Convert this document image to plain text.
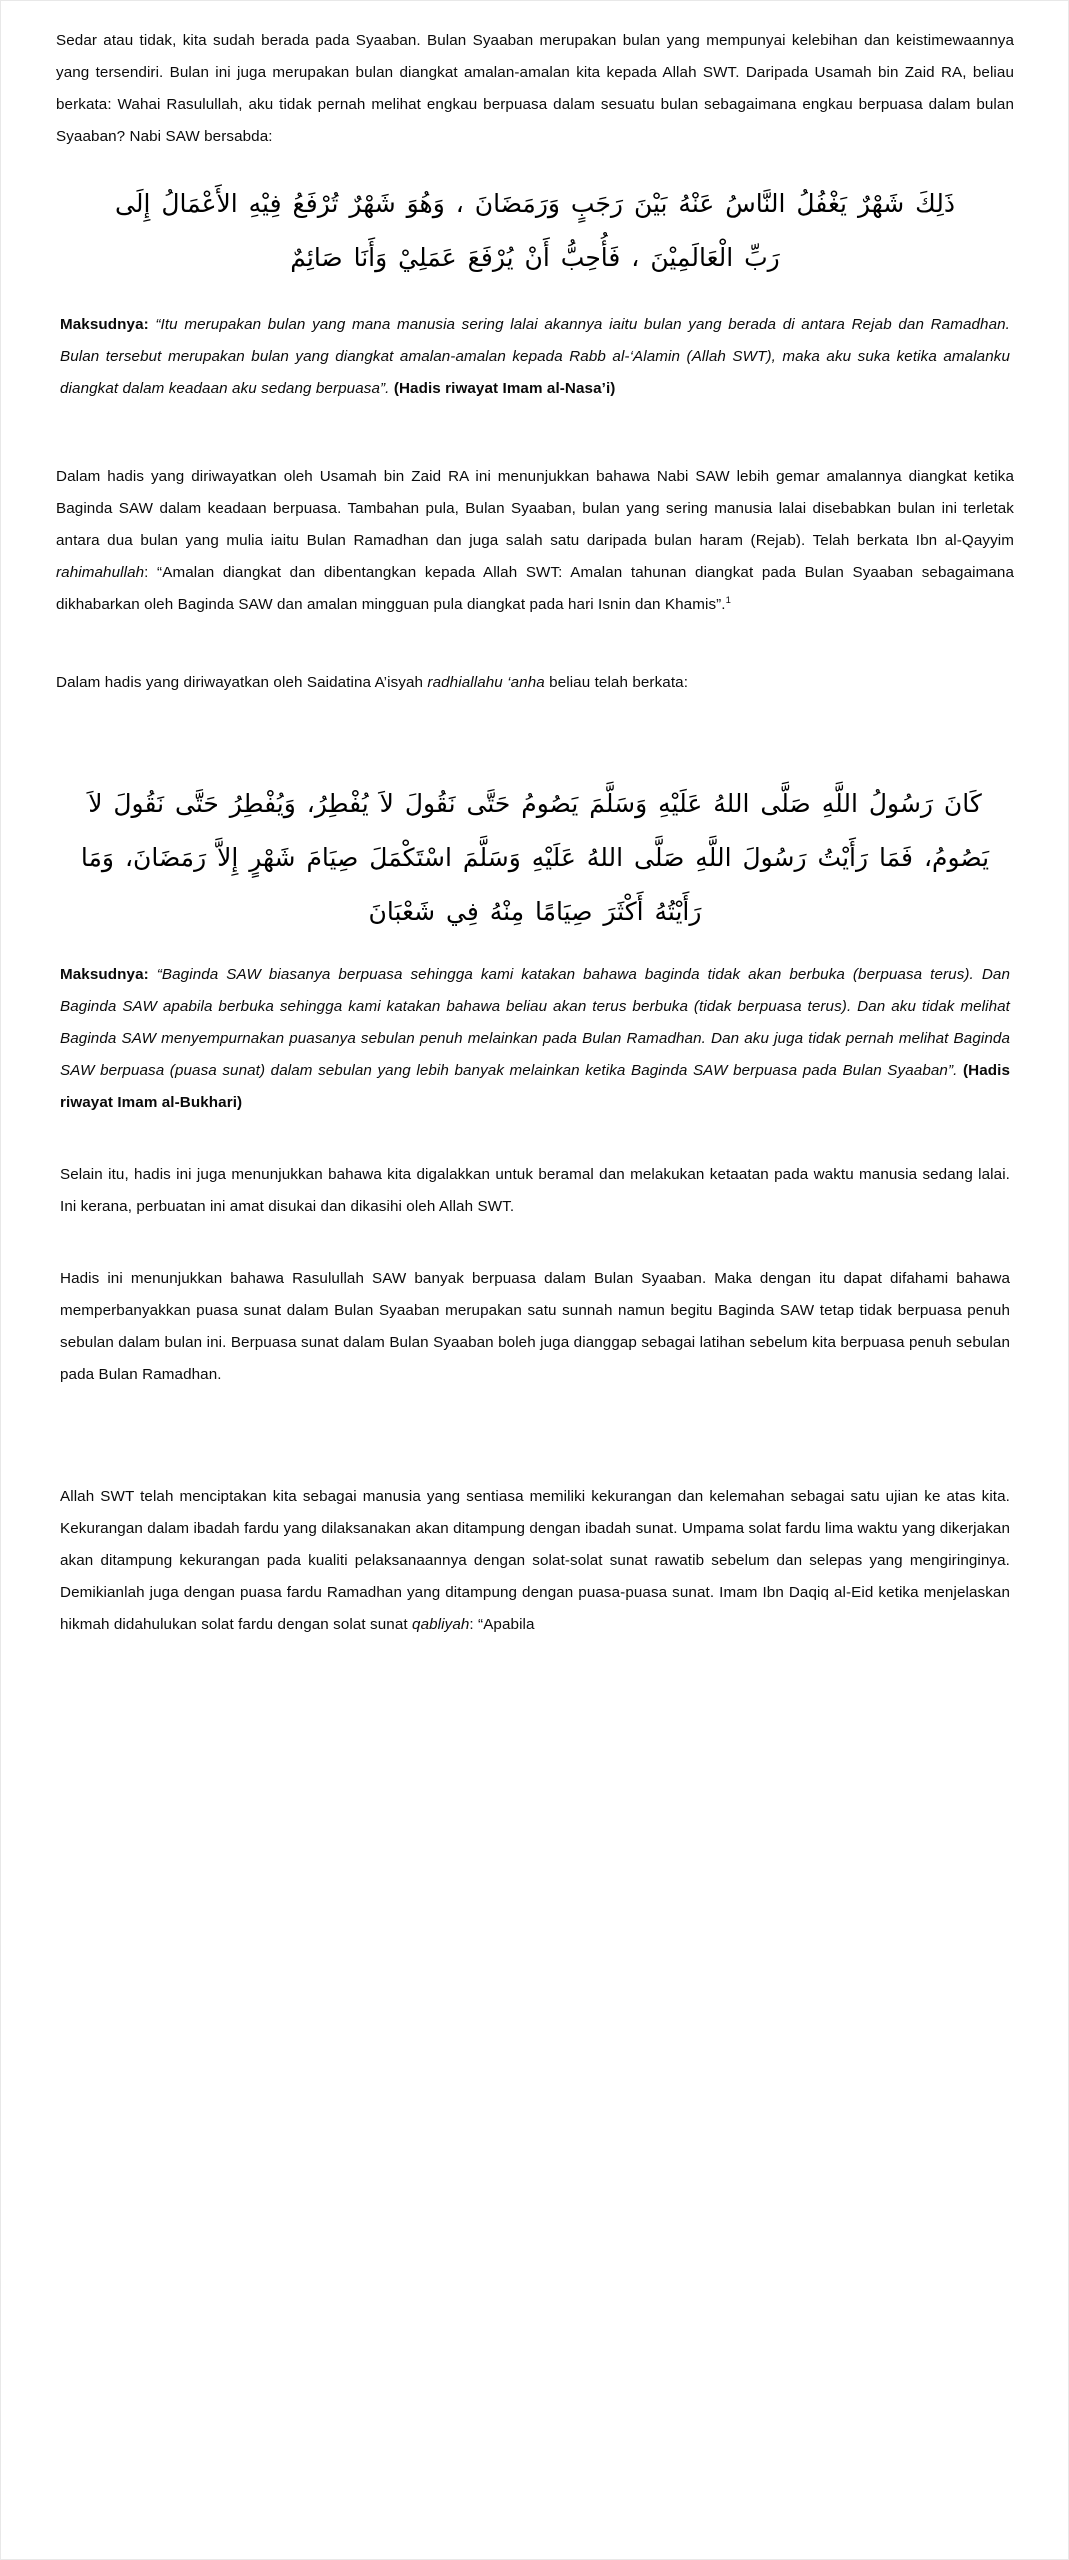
Sedar atau tidak, kita sudah berada pada Syaaban. Bulan Syaaban merupakan bulan yang mempunyai kelebihan dan keistimewaannya yang tersendiri. Bulan ini juga merupakan bulan diangkat amalan-amalan kita kepada Allah SWT. Daripada Usamah bin Zaid RA, beliau berkata: Wahai Rasulullah, aku tidak pernah melihat engkau berpuasa dalam sesuatu bulan sebagaimana engkau berpuasa dalam bulan Syaaban? Nabi SAW bersabda:

ذَلِكَ شَهْرٌ يَغْفُلُ النَّاسُ عَنْهُ بَيْنَ رَجَبٍ وَرَمَضَانَ ، وَهُوَ شَهْرٌ تُرْفَعُ فِيْهِ الأَعْمَالُ إِلَى

رَبِّ الْعَالَمِيْنَ ، فَأُحِبُّ أَنْ يُرْفَعَ عَمَلِيْ وَأَنَا صَائِمٌ

Maksudnya: “Itu merupakan bulan yang mana manusia sering lalai akannya iaitu bulan yang berada di antara Rejab dan Ramadhan. Bulan tersebut merupakan bulan yang diangkat amalan-amalan kepada Rabb al-‘Alamin (Allah SWT), maka aku suka ketika amalanku diangkat dalam keadaan aku sedang berpuasa”. (Hadis riwayat Imam al-Nasa’i)

Dalam hadis yang diriwayatkan oleh Usamah bin Zaid RA ini menunjukkan bahawa Nabi SAW lebih gemar amalannya diangkat ketika Baginda SAW dalam keadaan berpuasa. Tambahan pula, Bulan Syaaban, bulan yang sering manusia lalai disebabkan bulan ini terletak antara dua bulan yang mulia iaitu Bulan Ramadhan dan juga salah satu daripada bulan haram (Rejab). Telah berkata Ibn al-Qayyim rahimahullah: “Amalan diangkat dan dibentangkan kepada Allah SWT: Amalan tahunan diangkat pada Bulan Syaaban sebagaimana dikhabarkan oleh Baginda SAW dan amalan mingguan pula diangkat pada hari Isnin dan Khamis”.$^1$

Dalam hadis yang diriwayatkan oleh Saidatina A’isyah radhiallahu ‘anha beliau telah berkata:

كَانَ رَسُولُ اللَّهِ صَلَّى اللهُ عَلَيْهِ وَسَلَّمَ يَصُومُ حَتَّى نَقُولَ لاَ يُفْطِرُ، وَيُفْطِرُ حَتَّى نَقُولَ لاَ

يَصُومُ، فَمَا رَأَيْتُ رَسُولَ اللَّهِ صَلَّى اللهُ عَلَيْهِ وَسَلَّمَ اسْتَكْمَلَ صِيَامَ شَهْرٍ إِلاَّ رَمَضَانَ، وَمَا

رَأَيْتُهُ أَكْثَرَ صِيَامًا مِنْهُ فِي شَعْبَانَ

Maksudnya: “Baginda SAW biasanya berpuasa sehingga kami katakan bahawa baginda tidak akan berbuka (berpuasa terus). Dan Baginda SAW apabila berbuka sehingga kami katakan bahawa beliau akan terus berbuka (tidak berpuasa terus). Dan aku tidak melihat Baginda SAW menyempurnakan puasanya sebulan penuh melainkan pada Bulan Ramadhan. Dan aku juga tidak pernah melihat Baginda SAW berpuasa (puasa sunat) dalam sebulan yang lebih banyak melainkan ketika Baginda SAW berpuasa pada Bulan Syaaban”. (Hadis riwayat Imam al-Bukhari)

Selain itu, hadis ini juga menunjukkan bahawa kita digalakkan untuk beramal dan melakukan ketaatan pada waktu manusia sedang lalai. Ini kerana, perbuatan ini amat disukai dan dikasihi oleh Allah SWT.

Hadis ini menunjukkan bahawa Rasulullah SAW banyak berpuasa dalam Bulan Syaaban. Maka dengan itu dapat difahami bahawa memperbanyakkan puasa sunat dalam Bulan Syaaban merupakan satu sunnah namun begitu Baginda SAW tetap tidak berpuasa penuh sebulan dalam bulan ini. Berpuasa sunat dalam Bulan Syaaban boleh juga dianggap sebagai latihan sebelum kita berpuasa penuh sebulan pada Bulan Ramadhan.

Allah SWT telah menciptakan kita sebagai manusia yang sentiasa memiliki kekurangan dan kelemahan sebagai satu ujian ke atas kita. Kekurangan dalam ibadah fardu yang dilaksanakan akan ditampung dengan ibadah sunat. Umpama solat fardu lima waktu yang dikerjakan akan ditampung kekurangan pada kualiti pelaksanaannya dengan solat-solat sunat rawatib sebelum dan selepas yang mengiringinya. Demikianlah juga dengan puasa fardu Ramadhan yang ditampung dengan puasa-puasa sunat. Imam Ibn Daqiq al-Eid ketika menjelaskan hikmah didahulukan solat fardu dengan solat sunat qabliyah: “Apabila
